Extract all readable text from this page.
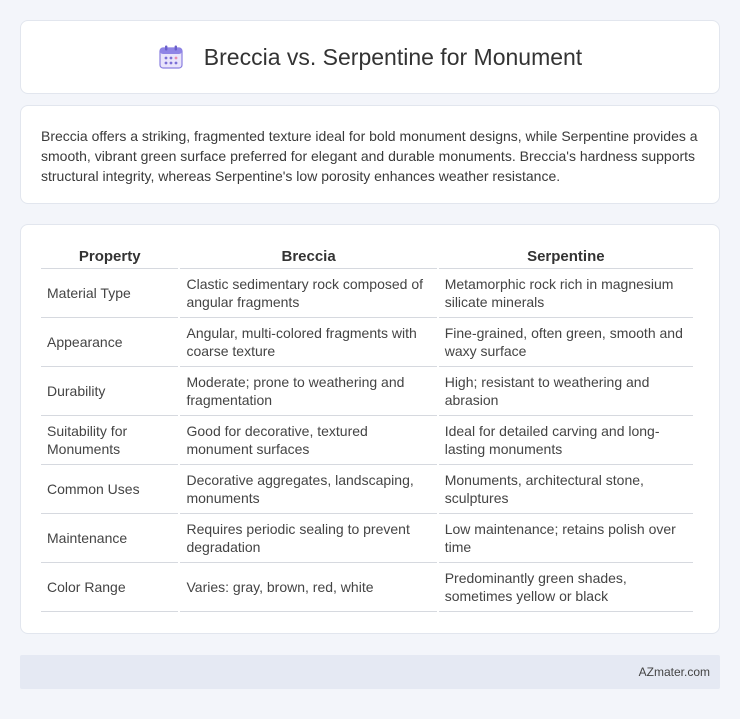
Breccia vs. Serpentine for Monument

Breccia offers a striking, fragmented texture ideal for bold monument designs, while Serpentine provides a smooth, vibrant green surface preferred for elegant and durable monuments. Breccia's hardness supports structural integrity, whereas Serpentine's low porosity enhances weather resistance.

Property	Breccia	Serpentine
Material Type	Clastic sedimentary rock composed of angular fragments	Metamorphic rock rich in magnesium silicate minerals
Appearance	Angular, multi-colored fragments with coarse texture	Fine-grained, often green, smooth and waxy surface
Durability	Moderate; prone to weathering and fragmentation	High; resistant to weathering and abrasion
Suitability for Monuments	Good for decorative, textured monument surfaces	Ideal for detailed carving and long-lasting monuments
Common Uses	Decorative aggregates, landscaping, monuments	Monuments, architectural stone, sculptures
Maintenance	Requires periodic sealing to prevent degradation	Low maintenance; retains polish over time
Color Range	Varies: gray, brown, red, white	Predominantly green shades, sometimes yellow or black
AZmater.com
